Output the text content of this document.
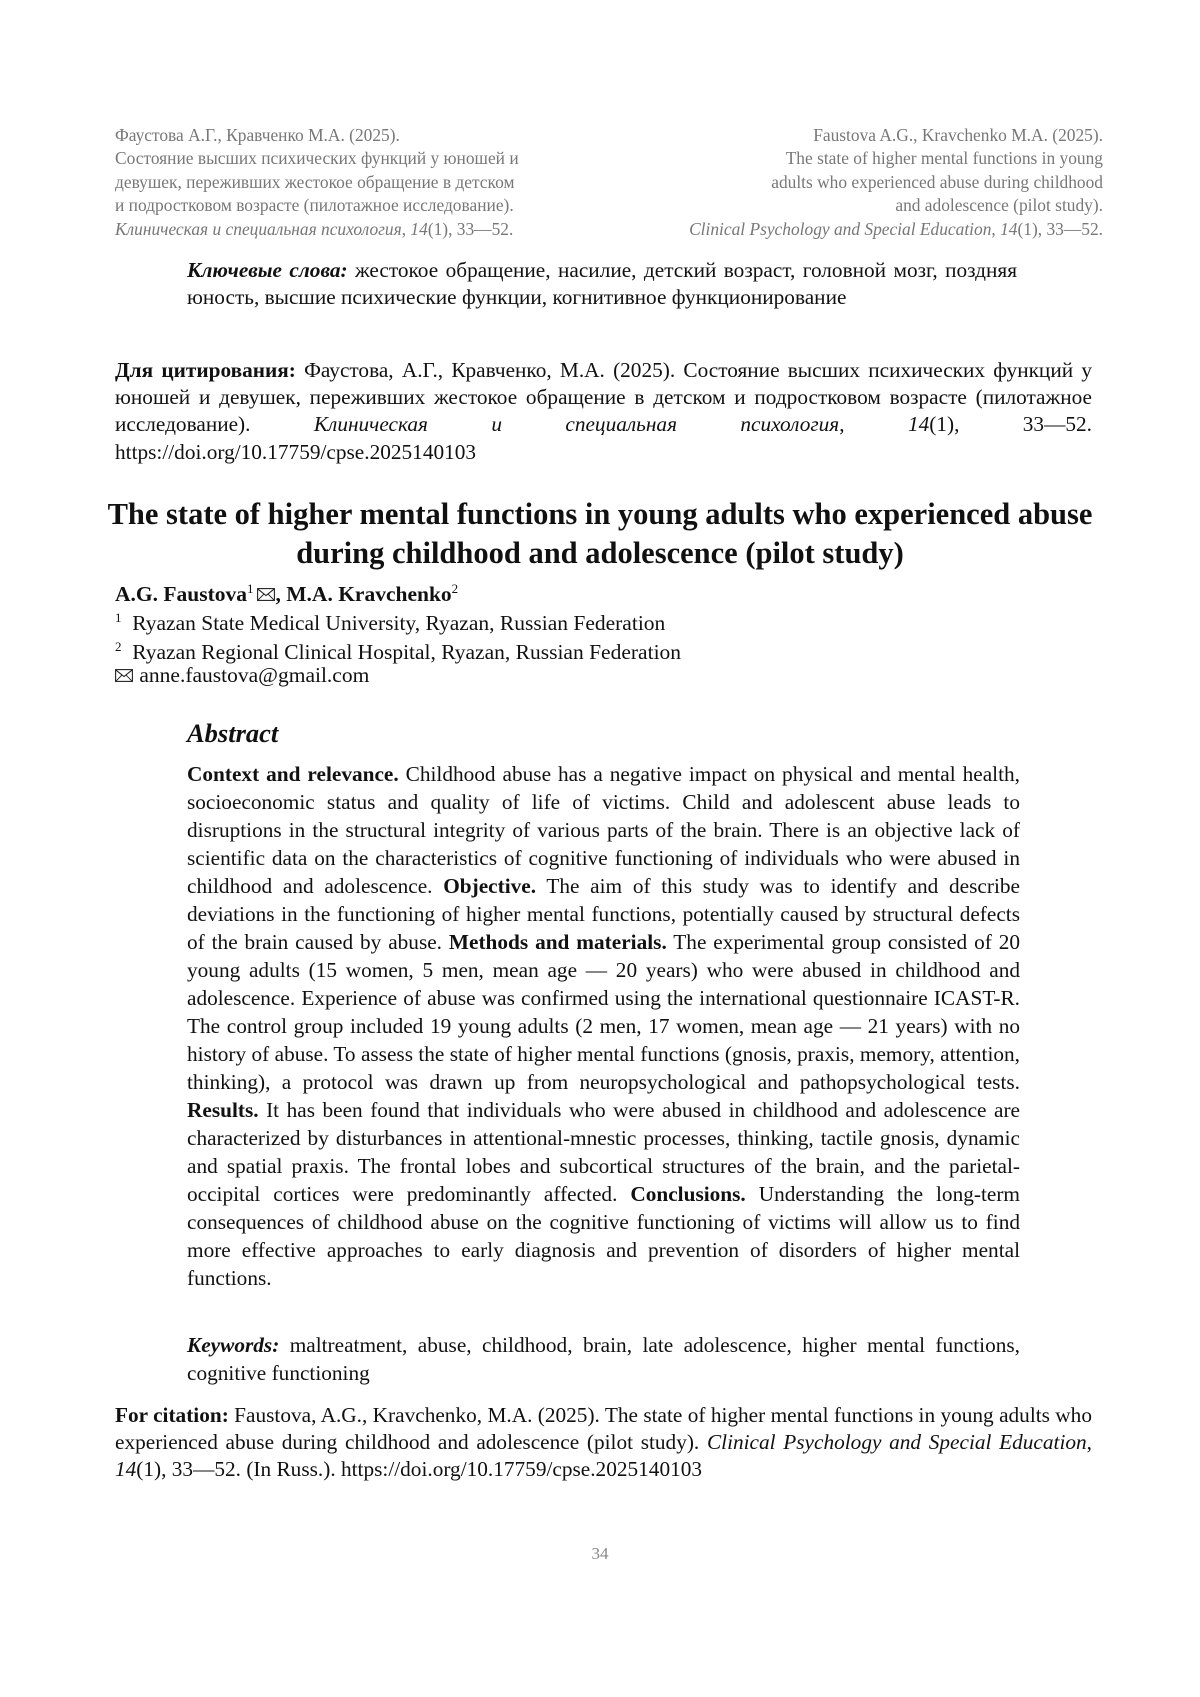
Фаустова А.Г., Кравченко М.А. (2025).
Состояние высших психических функций у юношей и
девушек, переживших жестокое обращение в детском
и подростковом возрасте (пилотажное исследование).
Клиническая и специальная психология, 14(1), 33—52.
Faustova A.G., Kravchenko M.A. (2025).
The state of higher mental functions in young
adults who experienced abuse during childhood
and adolescence (pilot study).
Clinical Psychology and Special Education, 14(1), 33—52.
Ключевые слова: жестокое обращение, насилие, детский возраст, головной мозг, поздняя юность, высшие психические функции, когнитивное функционирова­ние
Для цитирования: Фаустова, А.Г., Кравченко, М.А. (2025). Состояние высших психических функций у юношей и девушек, переживших жестокое обращение в детском и подростковом возрасте (пилотажное исследование).	Клиническая и специальная психология, 14(1), 33—52. https://doi.org/10.17759/cpse.2025140103
The state of higher mental functions in young adults who experienced abuse during childhood and adolescence (pilot study)
A.G. Faustova1 , M.A. Kravchenko2
1 Ryazan State Medical University, Ryazan, Russian Federation
2 Ryazan Regional Clinical Hospital, Ryazan, Russian Federation
anne.faustova@gmail.com
Abstract
Context and relevance. Childhood abuse has a negative impact on physical and men­tal health, socioeconomic status and quality of life of victims. Child and adolescent abuse leads to disruptions in the structural integrity of various parts of the brain. There is an objective lack of scientific data on the characteristics of cognitive functioning of individuals who were abused in childhood and adolescence. Objective. The aim of this study was to identify and describe deviations in the functioning of higher mental functions, potentially caused by structural defects of the brain caused by abuse. Meth­ods and materials. The experimental group consisted of 20 young adults (15 women, 5 men, mean age — 20 years) who were abused in childhood and adolescence. Expe­rience of abuse was confirmed using the international questionnaire ICAST-R. The control group included 19 young adults (2 men, 17 women, mean age — 21 years) with no history of abuse. To assess the state of higher mental functions (gnosis, praxis, memory, attention, thinking), a protocol was drawn up from neuropsychological and pathopsychological tests. Results. It has been found that individuals who were abused in childhood and adolescence are characterized by disturbances in attentional-mnestic processes, thinking, tactile gnosis, dynamic and spatial praxis. The frontal lobes and subcortical structures of the brain, and the parietal-occipital cortices were predomi­nantly affected. Conclusions. Understanding the long-term consequences of child­hood abuse on the cognitive functioning of victims will allow us to find more effective approaches to early diagnosis and prevention of disorders of higher mental functions.
Keywords: maltreatment, abuse, childhood, brain, late adolescence, higher mental functions, cognitive functioning
For citation: Faustova, A.G., Kravchenko, M.A. (2025). The state of higher mental functions in young adults who experienced abuse during childhood and adolescence (pilot study). Clinical Psychology and Special Education, 14(1), 33—52. (In Russ.). https://doi.org/10.17759/cpse.2025140103
34
